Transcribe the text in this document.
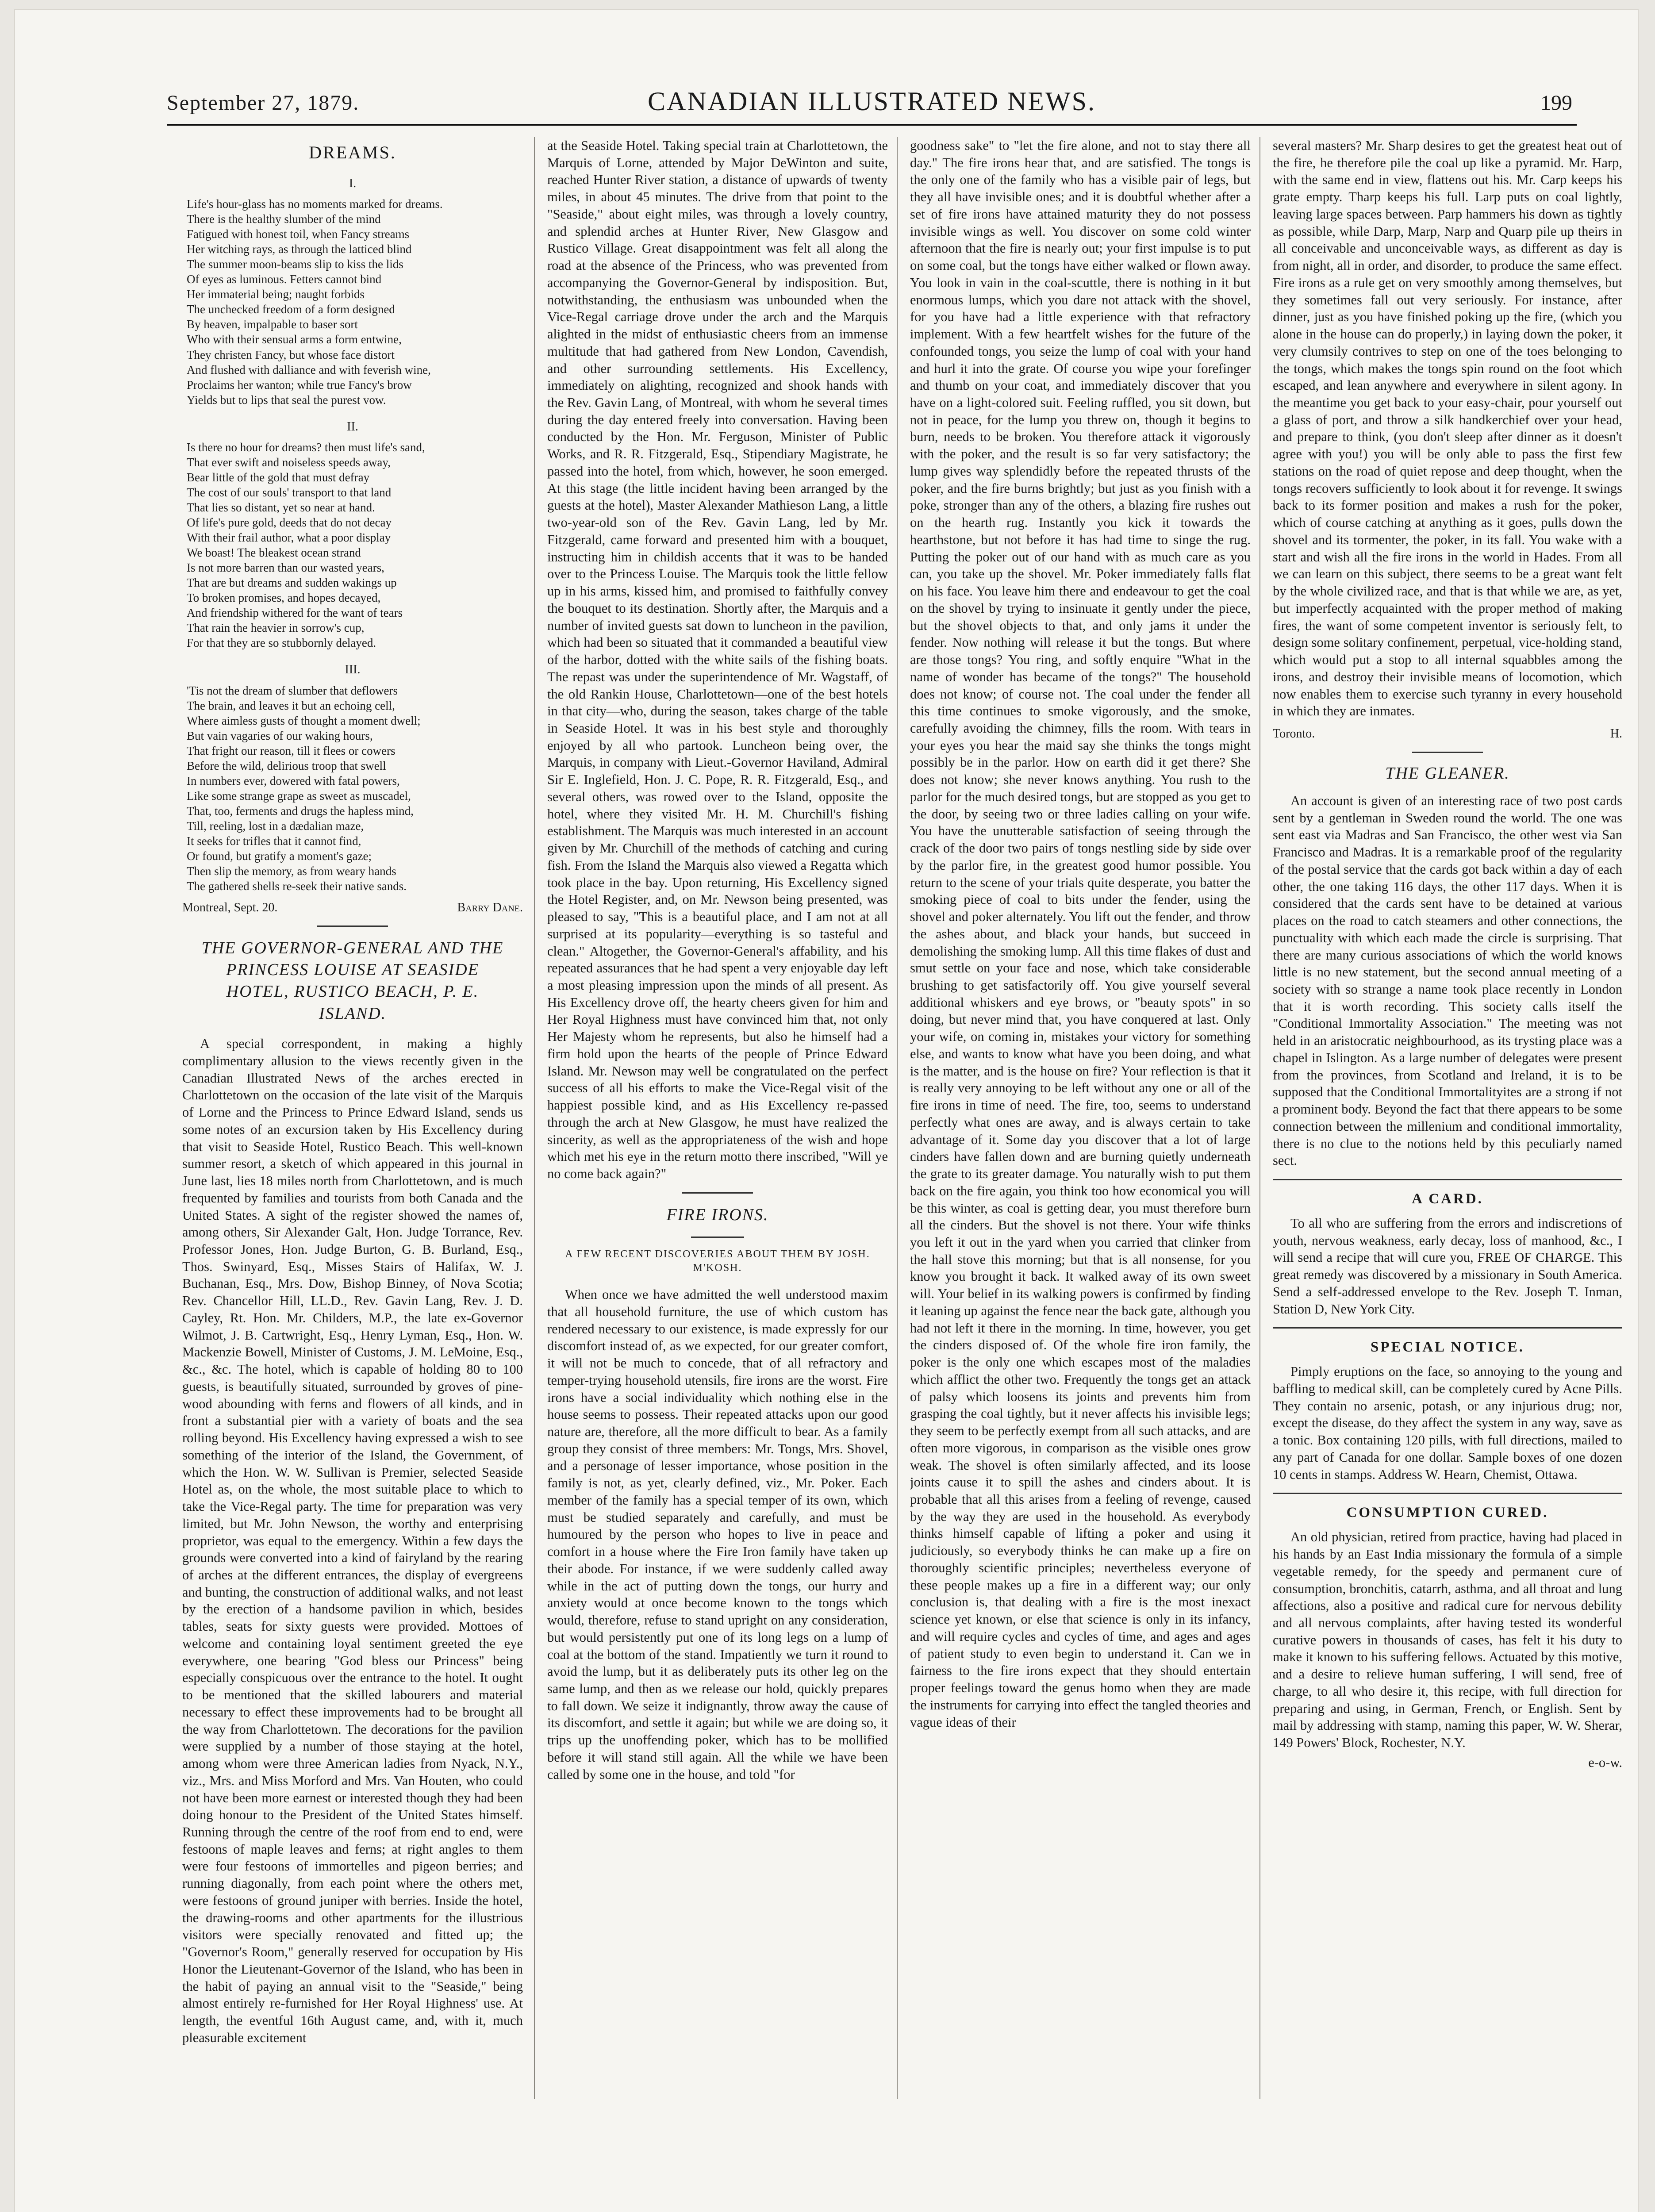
September 27, 1879.	CANADIAN ILLUSTRATED NEWS.	199
DREAMS.
I.
Life's hour-glass has no moments marked for dreams.
There is the healthy slumber of the mind
Fatigued with honest toil, when Fancy streams
Her witching rays, as through the latticed blind
The summer moon-beams slip to kiss the lids
Of eyes as luminous. Fetters cannot bind
Her immaterial being; naught forbids
The unchecked freedom of a form designed
By heaven, impalpable to baser sort
Who with their sensual arms a form entwine,
They christen Fancy, but whose face distort
And flushed with dalliance and with feverish wine,
Proclaims her wanton; while true Fancy's brow
Yields but to lips that seal the purest vow.
II.
Is there no hour for dreams? then must life's sand,
That ever swift and noiseless speeds away,
Bear little of the gold that must defray
The cost of our souls' transport to that land
That lies so distant, yet so near at hand.
Of life's pure gold, deeds that do not decay
With their frail author, what a poor display
We boast! The bleakest ocean strand
Is not more barren than our wasted years,
That are but dreams and sudden wakings up
To broken promises, and hopes decayed,
And friendship withered for the want of tears
That rain the heavier in sorrow's cup,
For that they are so stubbornly delayed.
III.
'Tis not the dream of slumber that deflowers
The brain, and leaves it but an echoing cell,
Where aimless gusts of thought a moment dwell;
But vain vagaries of our waking hours,
That fright our reason, till it flees or cowers
Before the wild, delirious troop that swell
In numbers ever, dowered with fatal powers,
Like some strange grape as sweet as muscadel,
That, too, ferments and drugs the hapless mind,
Till, reeling, lost in a dædalian maze,
It seeks for trifles that it cannot find,
Or found, but gratify a moment's gaze;
Then slip the memory, as from weary hands
The gathered shells re-seek their native sands.
Montreal, Sept. 20.	Barry Dane.
THE GOVERNOR-GENERAL AND THE PRINCESS LOUISE AT SEASIDE HOTEL, RUSTICO BEACH, P. E. ISLAND.

A special correspondent, in making a highly complimentary allusion to the views recently given in the Canadian Illustrated News of the arches erected in Charlottetown on the occasion of the late visit of the Marquis of Lorne and the Princess to Prince Edward Island, sends us some notes of an excursion taken by His Excellency during that visit to Seaside Hotel, Rustico Beach. This well-known summer resort, a sketch of which appeared in this journal in June last, lies 18 miles north from Charlottetown, and is much frequented by families and tourists from both Canada and the United States. A sight of the register showed the names of, among others, Sir Alexander Galt, Hon. Judge Torrance, Rev. Professor Jones, Hon. Judge Burton, G. B. Burland, Esq., Thos. Swinyard, Esq., Misses Stairs of Halifax, W. J. Buchanan, Esq., Mrs. Dow, Bishop Binney, of Nova Scotia; Rev. Chancellor Hill, LL.D., Rev. Gavin Lang, Rev. J. D. Cayley, Rt. Hon. Mr. Childers, M.P., the late ex-Governor Wilmot, J. B. Cartwright, Esq., Henry Lyman, Esq., Hon. W. Mackenzie Bowell, Minister of Customs, J. M. LeMoine, Esq., &c., &c. The hotel, which is capable of holding 80 to 100 guests, is beautifully situated, surrounded by groves of pine-wood abounding with ferns and flowers of all kinds, and in front a substantial pier with a variety of boats and the sea rolling beyond. His Excellency having expressed a wish to see something of the interior of the Island, the Government, of which the Hon. W. W. Sullivan is Premier, selected Seaside Hotel as, on the whole, the most suitable place to which to take the Vice-Regal party. The time for preparation was very limited, but Mr. John Newson, the worthy and enterprising proprietor, was equal to the emergency. Within a few days the grounds were converted into a kind of fairyland by the rearing of arches at the different entrances, the display of evergreens and bunting, the construction of additional walks, and not least by the erection of a handsome pavilion in which, besides tables, seats for sixty guests were provided. Mottoes of welcome and containing loyal sentiment greeted the eye everywhere, one bearing "God bless our Princess" being especially conspicuous over the entrance to the hotel. It ought to be mentioned that the skilled labourers and material necessary to effect these improvements had to be brought all the way from Charlottetown. The decorations for the pavilion were supplied by a number of those staying at the hotel, among whom were three American ladies from Nyack, N.Y., viz., Mrs. and Miss Morford and Mrs. Van Houten, who could not have been more earnest or interested though they had been doing honour to the President of the United States himself. Running through the centre of the roof from end to end, were festoons of maple leaves and ferns; at right angles to them were four festoons of immortelles and pigeon berries; and running diagonally, from each point where the others met, were festoons of ground juniper with berries. Inside the hotel, the drawing-rooms and other apartments for the illustrious visitors were specially renovated and fitted up; the "Governor's Room," generally reserved for occupation by His Honor the Lieutenant-Governor of the Island, who has been in the habit of paying an annual visit to the "Seaside," being almost entirely re-furnished for Her Royal Highness' use. At length, the eventful 16th August came, and, with it, much pleasurable excitement

at the Seaside Hotel. Taking special train at Charlottetown, the Marquis of Lorne, attended by Major DeWinton and suite, reached Hunter River station, a distance of upwards of twenty miles, in about 45 minutes. The drive from that point to the "Seaside," about eight miles, was through a lovely country, and splendid arches at Hunter River, New Glasgow and Rustico Village. Great disappointment was felt all along the road at the absence of the Princess, who was prevented from accompanying the Governor-General by indisposition. But, notwithstanding, the enthusiasm was unbounded when the Vice-Regal carriage drove under the arch and the Marquis alighted in the midst of enthusiastic cheers from an immense multitude that had gathered from New London, Cavendish, and other surrounding settlements. His Excellency, immediately on alighting, recognized and shook hands with the Rev. Gavin Lang, of Montreal, with whom he several times during the day entered freely into conversation. Having been conducted by the Hon. Mr. Ferguson, Minister of Public Works, and R. R. Fitzgerald, Esq., Stipendiary Magistrate, he passed into the hotel, from which, however, he soon emerged. At this stage (the little incident having been arranged by the guests at the hotel), Master Alexander Mathieson Lang, a little two-year-old son of the Rev. Gavin Lang, led by Mr. Fitzgerald, came forward and presented him with a bouquet, instructing him in childish accents that it was to be handed over to the Princess Louise. The Marquis took the little fellow up in his arms, kissed him, and promised to faithfully convey the bouquet to its destination. Shortly after, the Marquis and a number of invited guests sat down to luncheon in the pavilion, which had been so situated that it commanded a beautiful view of the harbor, dotted with the white sails of the fishing boats. The repast was under the superintendence of Mr. Wagstaff, of the old Rankin House, Charlottetown—one of the best hotels in that city—who, during the season, takes charge of the table in Seaside Hotel. It was in his best style and thoroughly enjoyed by all who partook. Luncheon being over, the Marquis, in company with Lieut.-Governor Haviland, Admiral Sir E. Inglefield, Hon. J. C. Pope, R. R. Fitzgerald, Esq., and several others, was rowed over to the Island, opposite the hotel, where they visited Mr. H. M. Churchill's fishing establishment. The Marquis was much interested in an account given by Mr. Churchill of the methods of catching and curing fish. From the Island the Marquis also viewed a Regatta which took place in the bay. Upon returning, His Excellency signed the Hotel Register, and, on Mr. Newson being presented, was pleased to say, "This is a beautiful place, and I am not at all surprised at its popularity—everything is so tasteful and clean." Altogether, the Governor-General's affability, and his repeated assurances that he had spent a very enjoyable day left a most pleasing impression upon the minds of all present. As His Excellency drove off, the hearty cheers given for him and Her Royal Highness must have convinced him that, not only Her Majesty whom he represents, but also he himself had a firm hold upon the hearts of the people of Prince Edward Island. Mr. Newson may well be congratulated on the perfect success of all his efforts to make the Vice-Regal visit of the happiest possible kind, and as His Excellency re-passed through the arch at New Glasgow, he must have realized the sincerity, as well as the appropriateness of the wish and hope which met his eye in the return motto there inscribed, "Will ye no come back again?"

FIRE IRONS.
A FEW RECENT DISCOVERIES ABOUT THEM BY JOSH. M'KOSH.

When once we have admitted the well understood maxim that all household furniture, the use of which custom has rendered necessary to our existence, is made expressly for our discomfort instead of, as we expected, for our greater comfort, it will not be much to concede, that of all refractory and temper-trying household utensils, fire irons are the worst. Fire irons have a social individuality which nothing else in the house seems to possess. Their repeated attacks upon our good nature are, therefore, all the more difficult to bear. As a family group they consist of three members: Mr. Tongs, Mrs. Shovel, and a personage of lesser importance, whose position in the family is not, as yet, clearly defined, viz., Mr. Poker. Each member of the family has a special temper of its own, which must be studied separately and carefully, and must be humoured by the person who hopes to live in peace and comfort in a house where the Fire Iron family have taken up their abode. For instance, if we were suddenly called away while in the act of putting down the tongs, our hurry and anxiety would at once become known to the tongs which would, therefore, refuse to stand upright on any consideration, but would persistently put one of its long legs on a lump of coal at the bottom of the stand. Impatiently we turn it round to avoid the lump, but it as deliberately puts its other leg on the same lump, and then as we release our hold, quickly prepares to fall down. We seize it indignantly, throw away the cause of its discomfort, and settle it again; but while we are doing so, it trips up the unoffending poker, which has to be mollified before it will stand still again. All the while we have been called by some one in the house, and told "for

goodness sake" to "let the fire alone, and not to stay there all day." The fire irons hear that, and are satisfied. The tongs is the only one of the family who has a visible pair of legs, but they all have invisible ones; and it is doubtful whether after a set of fire irons have attained maturity they do not possess invisible wings as well. You discover on some cold winter afternoon that the fire is nearly out; your first impulse is to put on some coal, but the tongs have either walked or flown away. You look in vain in the coal-scuttle, there is nothing in it but enormous lumps, which you dare not attack with the shovel, for you have had a little experience with that refractory implement. With a few heartfelt wishes for the future of the confounded tongs, you seize the lump of coal with your hand and hurl it into the grate. Of course you wipe your forefinger and thumb on your coat, and immediately discover that you have on a light-colored suit. Feeling ruffled, you sit down, but not in peace, for the lump you threw on, though it begins to burn, needs to be broken. You therefore attack it vigorously with the poker, and the result is so far very satisfactory; the lump gives way splendidly before the repeated thrusts of the poker, and the fire burns brightly; but just as you finish with a poke, stronger than any of the others, a blazing fire rushes out on the hearth rug. Instantly you kick it towards the hearthstone, but not before it has had time to singe the rug. Putting the poker out of our hand with as much care as you can, you take up the shovel. Mr. Poker immediately falls flat on his face. You leave him there and endeavour to get the coal on the shovel by trying to insinuate it gently under the piece, but the shovel objects to that, and only jams it under the fender. Now nothing will release it but the tongs. But where are those tongs? You ring, and softly enquire "What in the name of wonder has became of the tongs?" The household does not know; of course not. The coal under the fender all this time continues to smoke vigorously, and the smoke, carefully avoiding the chimney, fills the room. With tears in your eyes you hear the maid say she thinks the tongs might possibly be in the parlor. How on earth did it get there? She does not know; she never knows anything. You rush to the parlor for the much desired tongs, but are stopped as you get to the door, by seeing two or three ladies calling on your wife. You have the unutterable satisfaction of seeing through the crack of the door two pairs of tongs nestling side by side over by the parlor fire, in the greatest good humor possible. You return to the scene of your trials quite desperate, you batter the smoking piece of coal to bits under the fender, using the shovel and poker alternately. You lift out the fender, and throw the ashes about, and black your hands, but succeed in demolishing the smoking lump. All this time flakes of dust and smut settle on your face and nose, which take considerable brushing to get satisfactorily off. You give yourself several additional whiskers and eye brows, or "beauty spots" in so doing, but never mind that, you have conquered at last. Only your wife, on coming in, mistakes your victory for something else, and wants to know what have you been doing, and what is the matter, and is the house on fire? Your reflection is that it is really very annoying to be left without any one or all of the fire irons in time of need. The fire, too, seems to understand perfectly what ones are away, and is always certain to take advantage of it. Some day you discover that a lot of large cinders have fallen down and are burning quietly underneath the grate to its greater damage. You naturally wish to put them back on the fire again, you think too how economical you will be this winter, as coal is getting dear, you must therefore burn all the cinders. But the shovel is not there. Your wife thinks you left it out in the yard when you carried that clinker from the hall stove this morning; but that is all nonsense, for you know you brought it back. It walked away of its own sweet will. Your belief in its walking powers is confirmed by finding it leaning up against the fence near the back gate, although you had not left it there in the morning. In time, however, you get the cinders disposed of. Of the whole fire iron family, the poker is the only one which escapes most of the maladies which afflict the other two. Frequently the tongs get an attack of palsy which loosens its joints and prevents him from grasping the coal tightly, but it never affects his invisible legs; they seem to be perfectly exempt from all such attacks, and are often more vigorous, in comparison as the visible ones grow weak. The shovel is often similarly affected, and its loose joints cause it to spill the ashes and cinders about. It is probable that all this arises from a feeling of revenge, caused by the way they are used in the household. As everybody thinks himself capable of lifting a poker and using it judiciously, so everybody thinks he can make up a fire on thoroughly scientific principles; nevertheless everyone of these people makes up a fire in a different way; our only conclusion is, that dealing with a fire is the most inexact science yet known, or else that science is only in its infancy, and will require cycles and cycles of time, and ages and ages of patient study to even begin to understand it. Can we in fairness to the fire irons expect that they should entertain proper feelings toward the genus homo when they are made the instruments for carrying into effect the tangled theories and vague ideas of their

several masters? Mr. Sharp desires to get the greatest heat out of the fire, he therefore pile the coal up like a pyramid. Mr. Harp, with the same end in view, flattens out his. Mr. Carp keeps his grate empty. Tharp keeps his full. Larp puts on coal lightly, leaving large spaces between. Parp hammers his down as tightly as possible, while Darp, Marp, Narp and Quarp pile up theirs in all conceivable and unconceivable ways, as different as day is from night, all in order, and disorder, to produce the same effect. Fire irons as a rule get on very smoothly among themselves, but they sometimes fall out very seriously. For instance, after dinner, just as you have finished poking up the fire, (which you alone in the house can do properly,) in laying down the poker, it very clumsily contrives to step on one of the toes belonging to the tongs, which makes the tongs spin round on the foot which escaped, and lean anywhere and everywhere in silent agony. In the meantime you get back to your easy-chair, pour yourself out a glass of port, and throw a silk handkerchief over your head, and prepare to think, (you don't sleep after dinner as it doesn't agree with you!) you will be only able to pass the first few stations on the road of quiet repose and deep thought, when the tongs recovers sufficiently to look about it for revenge. It swings back to its former position and makes a rush for the poker, which of course catching at anything as it goes, pulls down the shovel and its tormenter, the poker, in its fall. You wake with a start and wish all the fire irons in the world in Hades. From all we can learn on this subject, there seems to be a great want felt by the whole civilized race, and that is that while we are, as yet, but imperfectly acquainted with the proper method of making fires, the want of some competent inventor is seriously felt, to design some solitary confinement, perpetual, vice-holding stand, which would put a stop to all internal squabbles among the irons, and destroy their invisible means of locomotion, which now enables them to exercise such tyranny in every household in which they are inmates.

Toronto.	H.
THE GLEANER.

An account is given of an interesting race of two post cards sent by a gentleman in Sweden round the world. The one was sent east via Madras and San Francisco, the other west via San Francisco and Madras. It is a remarkable proof of the regularity of the postal service that the cards got back within a day of each other, the one taking 116 days, the other 117 days. When it is considered that the cards sent have to be detained at various places on the road to catch steamers and other connections, the punctuality with which each made the circle is surprising. That there are many curious associations of which the world knows little is no new statement, but the second annual meeting of a society with so strange a name took place recently in London that it is worth recording. This society calls itself the "Conditional Immortality Association." The meeting was not held in an aristocratic neighbourhood, as its trysting place was a chapel in Islington. As a large number of delegates were present from the provinces, from Scotland and Ireland, it is to be supposed that the Conditional Immortalityites are a strong if not a prominent body. Beyond the fact that there appears to be some connection between the millenium and conditional immortality, there is no clue to the notions held by this peculiarly named sect.

A CARD.

To all who are suffering from the errors and indiscretions of youth, nervous weakness, early decay, loss of manhood, &c., I will send a recipe that will cure you, FREE OF CHARGE. This great remedy was discovered by a missionary in South America. Send a self-addressed envelope to the Rev. Joseph T. Inman, Station D, New York City.

SPECIAL NOTICE.

Pimply eruptions on the face, so annoying to the young and baffling to medical skill, can be completely cured by Acne Pills. They contain no arsenic, potash, or any injurious drug; nor, except the disease, do they affect the system in any way, save as a tonic. Box containing 120 pills, with full directions, mailed to any part of Canada for one dollar. Sample boxes of one dozen 10 cents in stamps. Address W. Hearn, Chemist, Ottawa.

CONSUMPTION CURED.

An old physician, retired from practice, having had placed in his hands by an East India missionary the formula of a simple vegetable remedy, for the speedy and permanent cure of consumption, bronchitis, catarrh, asthma, and all throat and lung affections, also a positive and radical cure for nervous debility and all nervous complaints, after having tested its wonderful curative powers in thousands of cases, has felt it his duty to make it known to his suffering fellows. Actuated by this motive, and a desire to relieve human suffering, I will send, free of charge, to all who desire it, this recipe, with full direction for preparing and using, in German, French, or English. Sent by mail by addressing with stamp, naming this paper, W. W. Sherar, 149 Powers' Block, Rochester, N.Y.

e-o-w.
